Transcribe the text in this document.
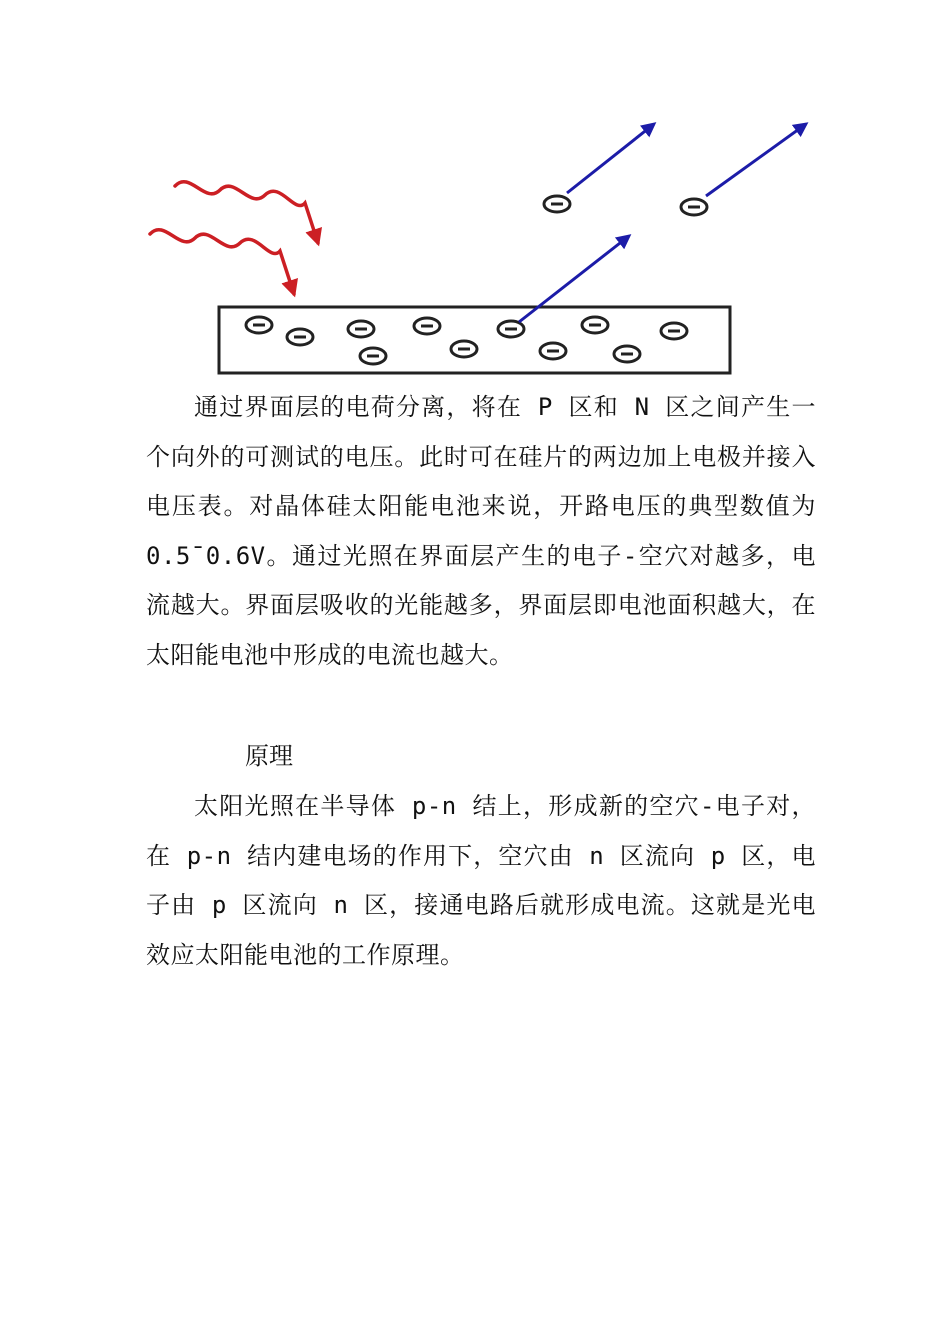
通过界面层的电荷分离，将在 P 区和 N 区之间产生一个向外的可测试的电压。此时可在硅片的两边加上电极并接入电压表。对晶体硅太阳能电池来说，开路电压的典型数值为 0.5¯0.6V。通过光照在界面层产生的电子-空穴对越多，电流越大。界面层吸收的光能越多，界面层即电池面积越大，在太阳能电池中形成的电流也越大。

原理

太阳光照在半导体 p-n 结上，形成新的空穴-电子对，在 p-n 结内建电场的作用下，空穴由 n 区流向 p 区，电子由 p 区流向 n 区，接通电路后就形成电流。这就是光电效应太阳能电池的工作原理。
